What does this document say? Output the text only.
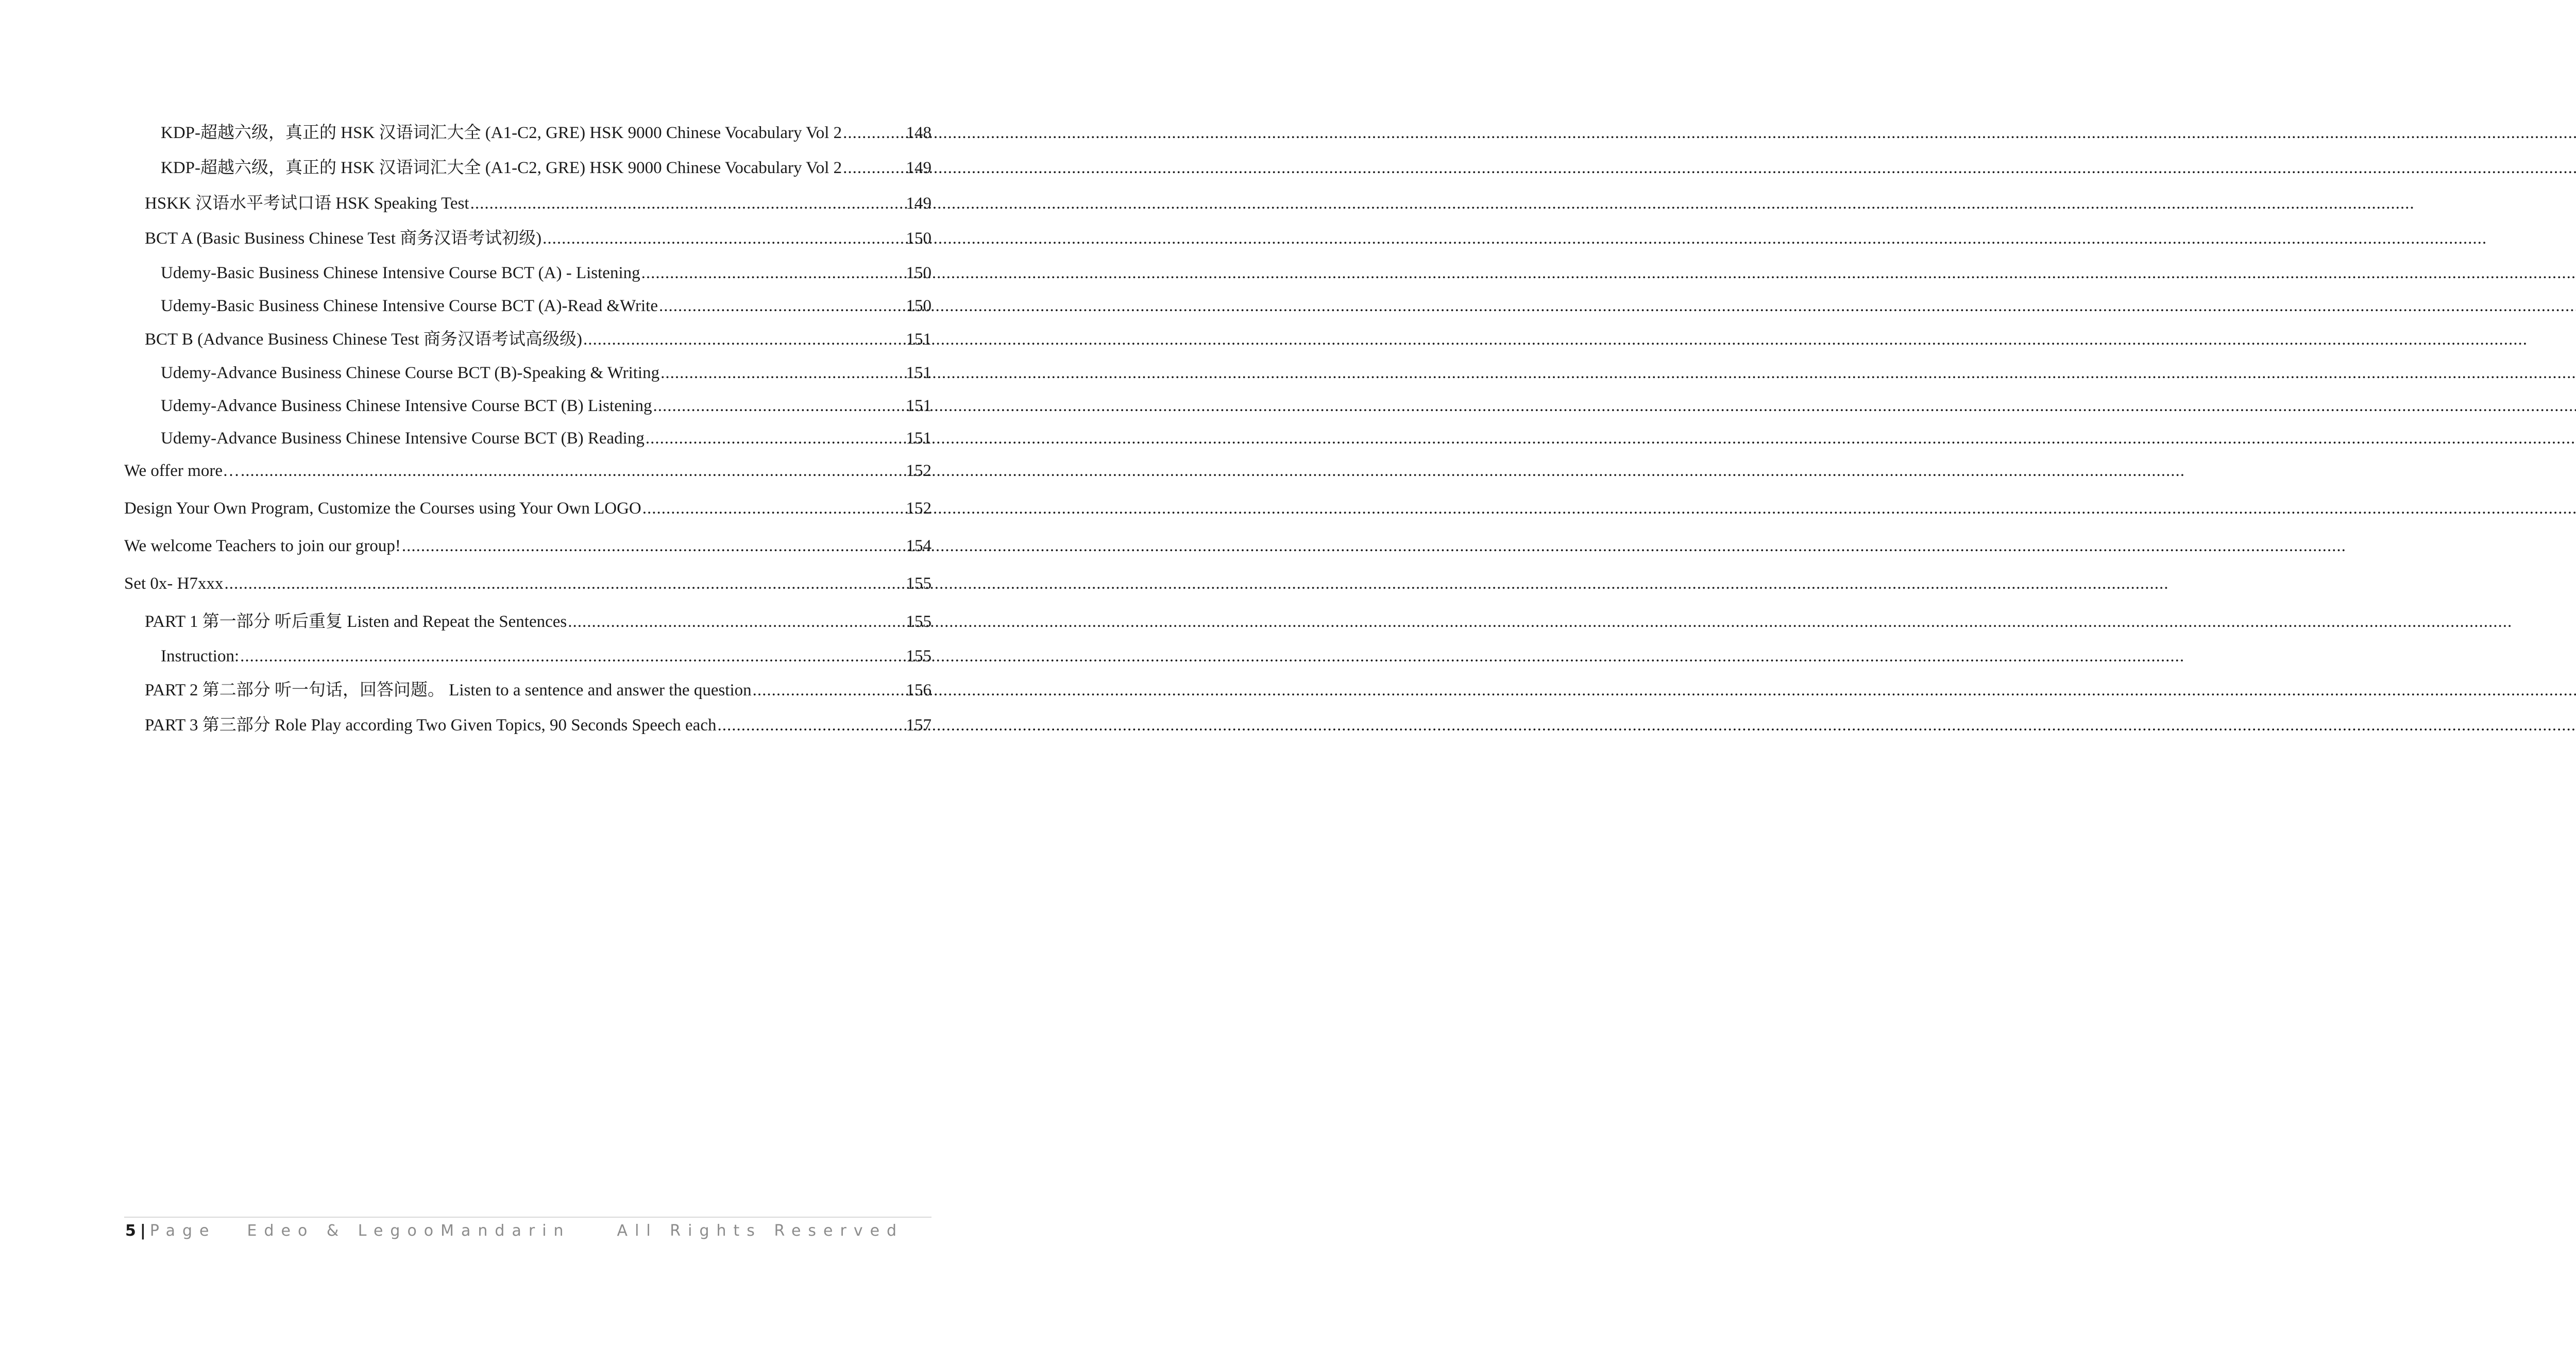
KDP-超越六级，真正的 HSK 汉语词汇大全 (A1-C2, GRE) HSK 9000 Chinese Vocabulary Vol 2 .....	148
KDP-超越六级，真正的 HSK 汉语词汇大全 (A1-C2, GRE) HSK 9000 Chinese Vocabulary Vol 2 .....	149
HSKK 汉语水平考试口语 HSK Speaking Test .....	149
BCT A (Basic Business Chinese Test 商务汉语考试初级) .....	150
Udemy-Basic Business Chinese Intensive Course BCT (A) - Listening .....	150
Udemy-Basic Business Chinese Intensive Course BCT (A)-Read &Write .....	150
BCT B (Advance Business Chinese Test 商务汉语考试高级级) .....	151
Udemy-Advance Business Chinese Course BCT (B)-Speaking & Writing .....	151
Udemy-Advance Business Chinese Intensive Course BCT (B) Listening .....	151
Udemy-Advance Business Chinese Intensive Course BCT (B) Reading .....	151
We offer more… .....	152
Design Your Own Program, Customize the Courses using Your Own LOGO .....	152
We welcome Teachers to join our group! .....	154
Set 0x- H7xxx .....	155
PART 1 第一部分 听后重复 Listen and Repeat the Sentences .....	155
Instruction: .....	155
PART 2 第二部分 听一句话，回答问题。 Listen to a sentence and answer the question .....	156
PART 3 第三部分 Role Play according Two Given Topics, 90 Seconds Speech each .....	157
5 | Page Edeo & LegooMandarin	All Rights Reserved
